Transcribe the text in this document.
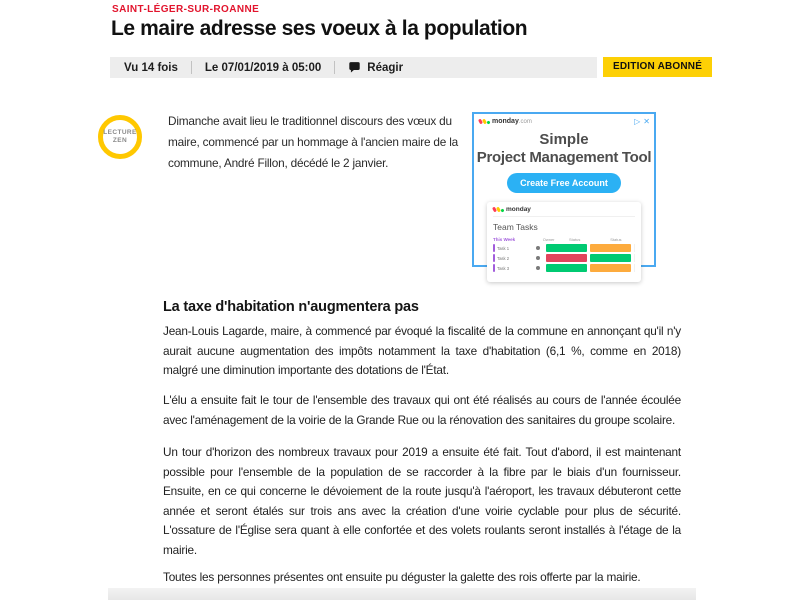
SAINT-LÉGER-SUR-ROANNE
Le maire adresse ses voeux à la population
Vu 14 fois Le 07/01/2019 à 05:00	Réagir	EDITION ABONNÉ
LECTURE
ZEN

Dimanche avait lieu le traditionnel discours des vœux du maire, commencé par un hommage à l'ancien maire de la commune, André Fillon, décédé le 2 janvier.

monday .com	▷ ✕
Simple
Project Management Tool
Create Free Account
monday
Team Tasks
This Week	Owner	Status	Status
Task 1
Task 2
Task 3
La taxe d'habitation n'augmentera pas

Jean-Louis Lagarde, maire, à commencé par évoqué la fiscalité de la commune en annonçant qu'il n'y aurait aucune augmentation des impôts notamment la taxe d'habitation (6,1 %, comme en 2018) malgré une diminution importante des dotations de l'État.

L'élu a ensuite fait le tour de l'ensemble des travaux qui ont été réalisés au cours de l'année écoulée avec l'aménagement de la voirie de la Grande Rue ou la rénovation des sanitaires du groupe scolaire.

Un tour d'horizon des nombreux travaux pour 2019 a ensuite été fait. Tout d'abord, il est maintenant possible pour l'ensemble de la population de se raccorder à la fibre par le biais d'un fournisseur. Ensuite, en ce qui concerne le dévoiement de la route jusqu'à l'aéroport, les travaux débuteront cette année et seront étalés sur trois ans avec la création d'une voirie cyclable pour plus de sécurité. L'ossature de l'Église sera quant à elle confortée et des volets roulants seront installés à l'étage de la mairie.

Toutes les personnes présentes ont ensuite pu déguster la galette des rois offerte par la mairie.
